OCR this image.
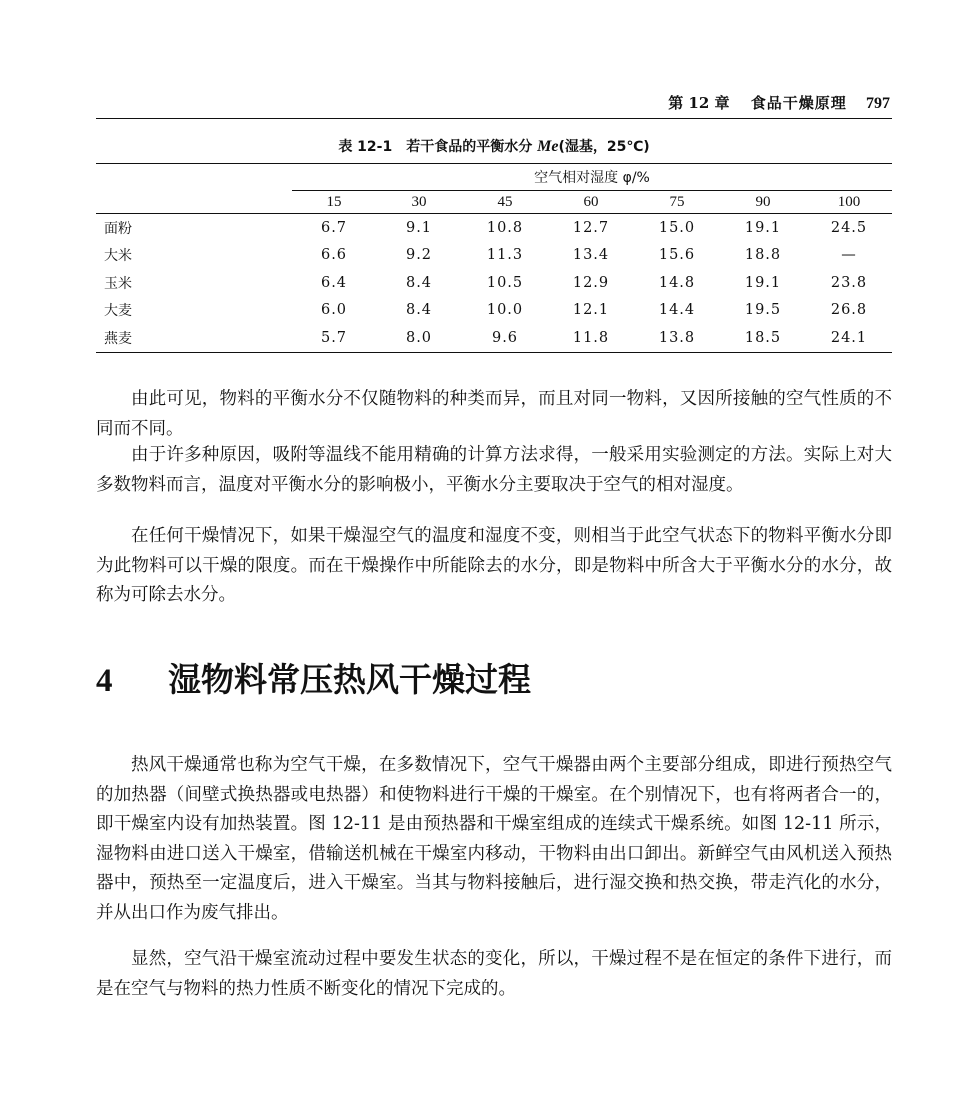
第 12 章 食品干燥原理 797
表 12-1 若干食品的平衡水分 Me(湿基，25℃)
	空气相对湿度 φ/%						
	15	30	45	60	75	90	100
面粉	6.7	9.1	10.8	12.7	15.0	19.1	24.5
大米	6.6	9.2	11.3	13.4	15.6	18.8	—
玉米	6.4	8.4	10.5	12.9	14.8	19.1	23.8
大麦	6.0	8.4	10.0	12.1	14.4	19.5	26.8
燕麦	5.7	8.0	9.6	11.8	13.8	18.5	24.1

由此可见，物料的平衡水分不仅随物料的种类而异，而且对同一物料，又因所接触的空气性质的不同而不同。

由于许多种原因，吸附等温线不能用精确的计算方法求得，一般采用实验测定的方法。实际上对大多数物料而言，温度对平衡水分的影响极小，平衡水分主要取决于空气的相对湿度。

在任何干燥情况下，如果干燥湿空气的温度和湿度不变，则相当于此空气状态下的物料平衡水分即为此物料可以干燥的限度。而在干燥操作中所能除去的水分，即是物料中所含大于平衡水分的水分，故称为可除去水分。

4 湿物料常压热风干燥过程

热风干燥通常也称为空气干燥，在多数情况下，空气干燥器由两个主要部分组成，即进行预热空气的加热器（间壁式换热器或电热器）和使物料进行干燥的干燥室。在个别情况下，也有将两者合一的，即干燥室内设有加热装置。图 12-11 是由预热器和干燥室组成的连续式干燥系统。如图 12-11 所示，湿物料由进口送入干燥室，借输送机械在干燥室内移动，干物料由出口卸出。新鲜空气由风机送入预热器中，预热至一定温度后，进入干燥室。当其与物料接触后，进行湿交换和热交换，带走汽化的水分，并从出口作为废气排出。

显然，空气沿干燥室流动过程中要发生状态的变化，所以，干燥过程不是在恒定的条件下进行，而是在空气与物料的热力性质不断变化的情况下完成的。
